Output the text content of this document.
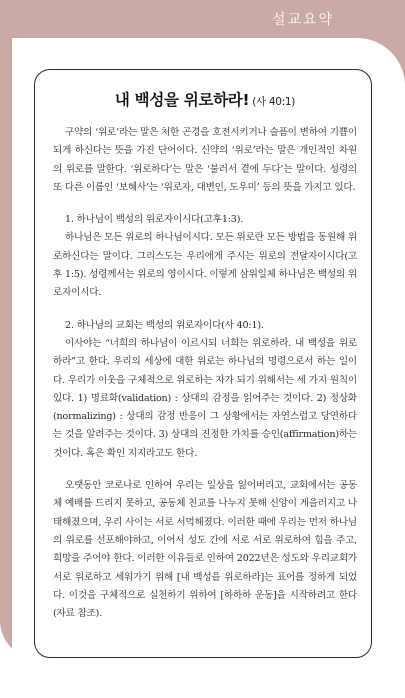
설교요약
내 백성을 위로하라! (사 40:1)

구약의 ‘위로’라는 말은 처한 곤경을 호전시키거나 슬픔이 변하여 기쁨이 되게 하신다는 뜻을 가진 단어이다. 신약의 ‘위로’라는 말은 개인적인 차원의 위로를 말한다. ‘위로하다’는 말은 ‘불러서 곁에 두다’는 말이다. 성령의 또 다른 이름인 ‘보혜사’는 ‘위로자, 대변인, 도우미’ 등의 뜻을 가지고 있다.

1. 하나님이 백성의 위로자이시다(고후1:3).

하나님은 모든 위로의 하나님이시다. 모든 위로란 모든 방법을 동원해 위로하신다는 말이다. 그리스도는 우리에게 주시는 위로의 전달자이시다(고후 1:5). 성령께서는 위로의 영이시다. 이렇게 삼위일체 하나님은 백성의 위로자이시다.

2. 하나님의 교회는 백성의 위로자이다(사 40:1).

이사야는 “너희의 하나님이 이르시되 너희는 위로하라. 내 백성을 위로하라”고 한다. 우리의 세상에 대한 위로는 하나님의 명령으로서 하는 일이다. 우리가 이웃을 구체적으로 위로하는 자가 되기 위해서는 세 가지 원칙이 있다. 1) 명료화(validation) : 상대의 감정을 읽어주는 것이다. 2) 정상화(normalizing) : 상대의 감정 반응이 그 상황에서는 자연스럽고 당연하다는 것을 알려주는 것이다. 3) 상대의 진정한 가치를 승인(affirmation)하는 것이다. 혹은 확인 지지라고도 한다.

오랫동안 코로나로 인하여 우리는 일상을 잃어버리고, 교회에서는 공동체 예배를 드리지 못하고, 공동체 친교를 나누지 못해 신앙이 게을러지고 나태해졌으며, 우리 사이는 서로 서먹해졌다. 이러한 때에 우리는 먼저 하나님의 위로를 선포해야하고, 이어서 성도 간에 서로 서로 위로하여 힘을 주고, 희망을 주어야 한다. 이러한 이유들로 인하여 2022년은 성도와 우리교회가 서로 위로하고 세워가기 위해 [내 백성을 위로하라]는 표어를 정하게 되었다. 이것을 구체적으로 실천하기 위하여 [하하하 운동]을 시작하려고 한다(자료 참조).
